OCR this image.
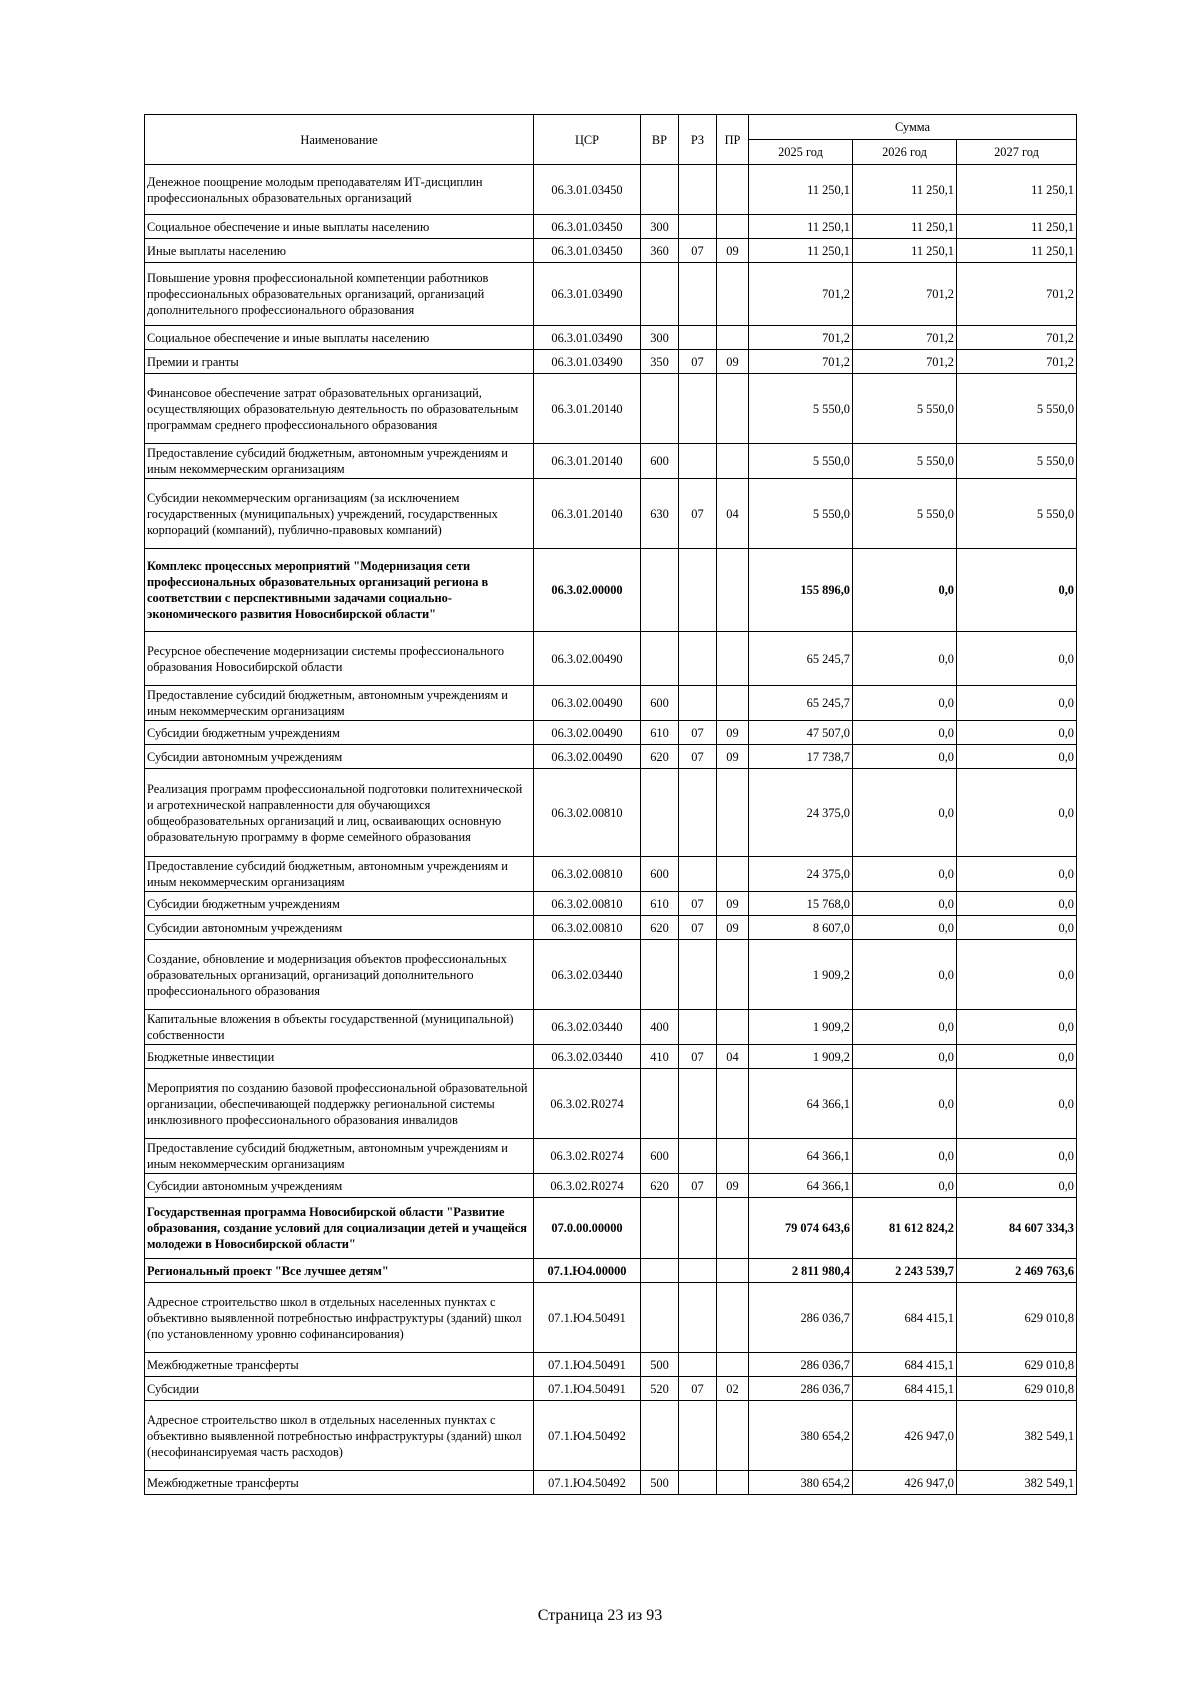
Наименование	ЦСР	ВР	РЗ	ПР	Сумма		
					2025 год	2026 год	2027 год
Денежное поощрение молодым преподавателям ИТ-дисциплин профессиональных образовательных организаций	06.3.01.03450				11 250,1	11 250,1	11 250,1
Социальное обеспечение и иные выплаты населению	06.3.01.03450	300			11 250,1	11 250,1	11 250,1
Иные выплаты населению	06.3.01.03450	360	07	09	11 250,1	11 250,1	11 250,1
Повышение уровня профессиональной компетенции работников профессиональных образовательных организаций, организаций дополнительного профессионального образования	06.3.01.03490				701,2	701,2	701,2
Социальное обеспечение и иные выплаты населению	06.3.01.03490	300			701,2	701,2	701,2
Премии и гранты	06.3.01.03490	350	07	09	701,2	701,2	701,2
Финансовое обеспечение затрат образовательных организаций, осуществляющих образовательную деятельность по образовательным программам среднего профессионального образования	06.3.01.20140				5 550,0	5 550,0	5 550,0
Предоставление субсидий бюджетным, автономным учреждениям и иным некоммерческим организациям	06.3.01.20140	600			5 550,0	5 550,0	5 550,0
Субсидии некоммерческим организациям (за исключением государственных (муниципальных) учреждений, государственных корпораций (компаний), публично-правовых компаний)	06.3.01.20140	630	07	04	5 550,0	5 550,0	5 550,0
Комплекс процессных мероприятий "Модернизация сети профессиональных образовательных организаций региона в соответствии с перспективными задачами социально-экономического развития Новосибирской области"	06.3.02.00000				155 896,0	0,0	0,0
Ресурсное обеспечение модернизации системы профессионального образования Новосибирской области	06.3.02.00490				65 245,7	0,0	0,0
Предоставление субсидий бюджетным, автономным учреждениям и иным некоммерческим организациям	06.3.02.00490	600			65 245,7	0,0	0,0
Субсидии бюджетным учреждениям	06.3.02.00490	610	07	09	47 507,0	0,0	0,0
Субсидии автономным учреждениям	06.3.02.00490	620	07	09	17 738,7	0,0	0,0
Реализация программ профессиональной подготовки политехнической и агротехнической направленности для обучающихся общеобразовательных организаций и лиц, осваивающих основную образовательную программу в форме семейного образования	06.3.02.00810				24 375,0	0,0	0,0
Предоставление субсидий бюджетным, автономным учреждениям и иным некоммерческим организациям	06.3.02.00810	600			24 375,0	0,0	0,0
Субсидии бюджетным учреждениям	06.3.02.00810	610	07	09	15 768,0	0,0	0,0
Субсидии автономным учреждениям	06.3.02.00810	620	07	09	8 607,0	0,0	0,0
Создание, обновление и модернизация объектов профессиональных образовательных организаций, организаций дополнительного профессионального образования	06.3.02.03440				1 909,2	0,0	0,0
Капитальные вложения в объекты государственной (муниципальной) собственности	06.3.02.03440	400			1 909,2	0,0	0,0
Бюджетные инвестиции	06.3.02.03440	410	07	04	1 909,2	0,0	0,0
Мероприятия по созданию базовой профессиональной образовательной организации, обеспечивающей поддержку региональной системы инклюзивного профессионального образования инвалидов	06.3.02.R0274				64 366,1	0,0	0,0
Предоставление субсидий бюджетным, автономным учреждениям и иным некоммерческим организациям	06.3.02.R0274	600			64 366,1	0,0	0,0
Субсидии автономным учреждениям	06.3.02.R0274	620	07	09	64 366,1	0,0	0,0
Государственная программа Новосибирской области "Развитие образования, создание условий для социализации детей и учащейся молодежи в Новосибирской области"	07.0.00.00000				79 074 643,6	81 612 824,2	84 607 334,3
Региональный проект "Все лучшее детям"	07.1.Ю4.00000				2 811 980,4	2 243 539,7	2 469 763,6
Адресное строительство школ в отдельных населенных пунктах с объективно выявленной потребностью инфраструктуры (зданий) школ (по установленному уровню софинансирования)	07.1.Ю4.50491				286 036,7	684 415,1	629 010,8
Межбюджетные трансферты	07.1.Ю4.50491	500			286 036,7	684 415,1	629 010,8
Субсидии	07.1.Ю4.50491	520	07	02	286 036,7	684 415,1	629 010,8
Адресное строительство школ в отдельных населенных пунктах с объективно выявленной потребностью инфраструктуры (зданий) школ (несофинансируемая часть расходов)	07.1.Ю4.50492				380 654,2	426 947,0	382 549,1
Межбюджетные трансферты	07.1.Ю4.50492	500			380 654,2	426 947,0	382 549,1
Страница 23 из 93
